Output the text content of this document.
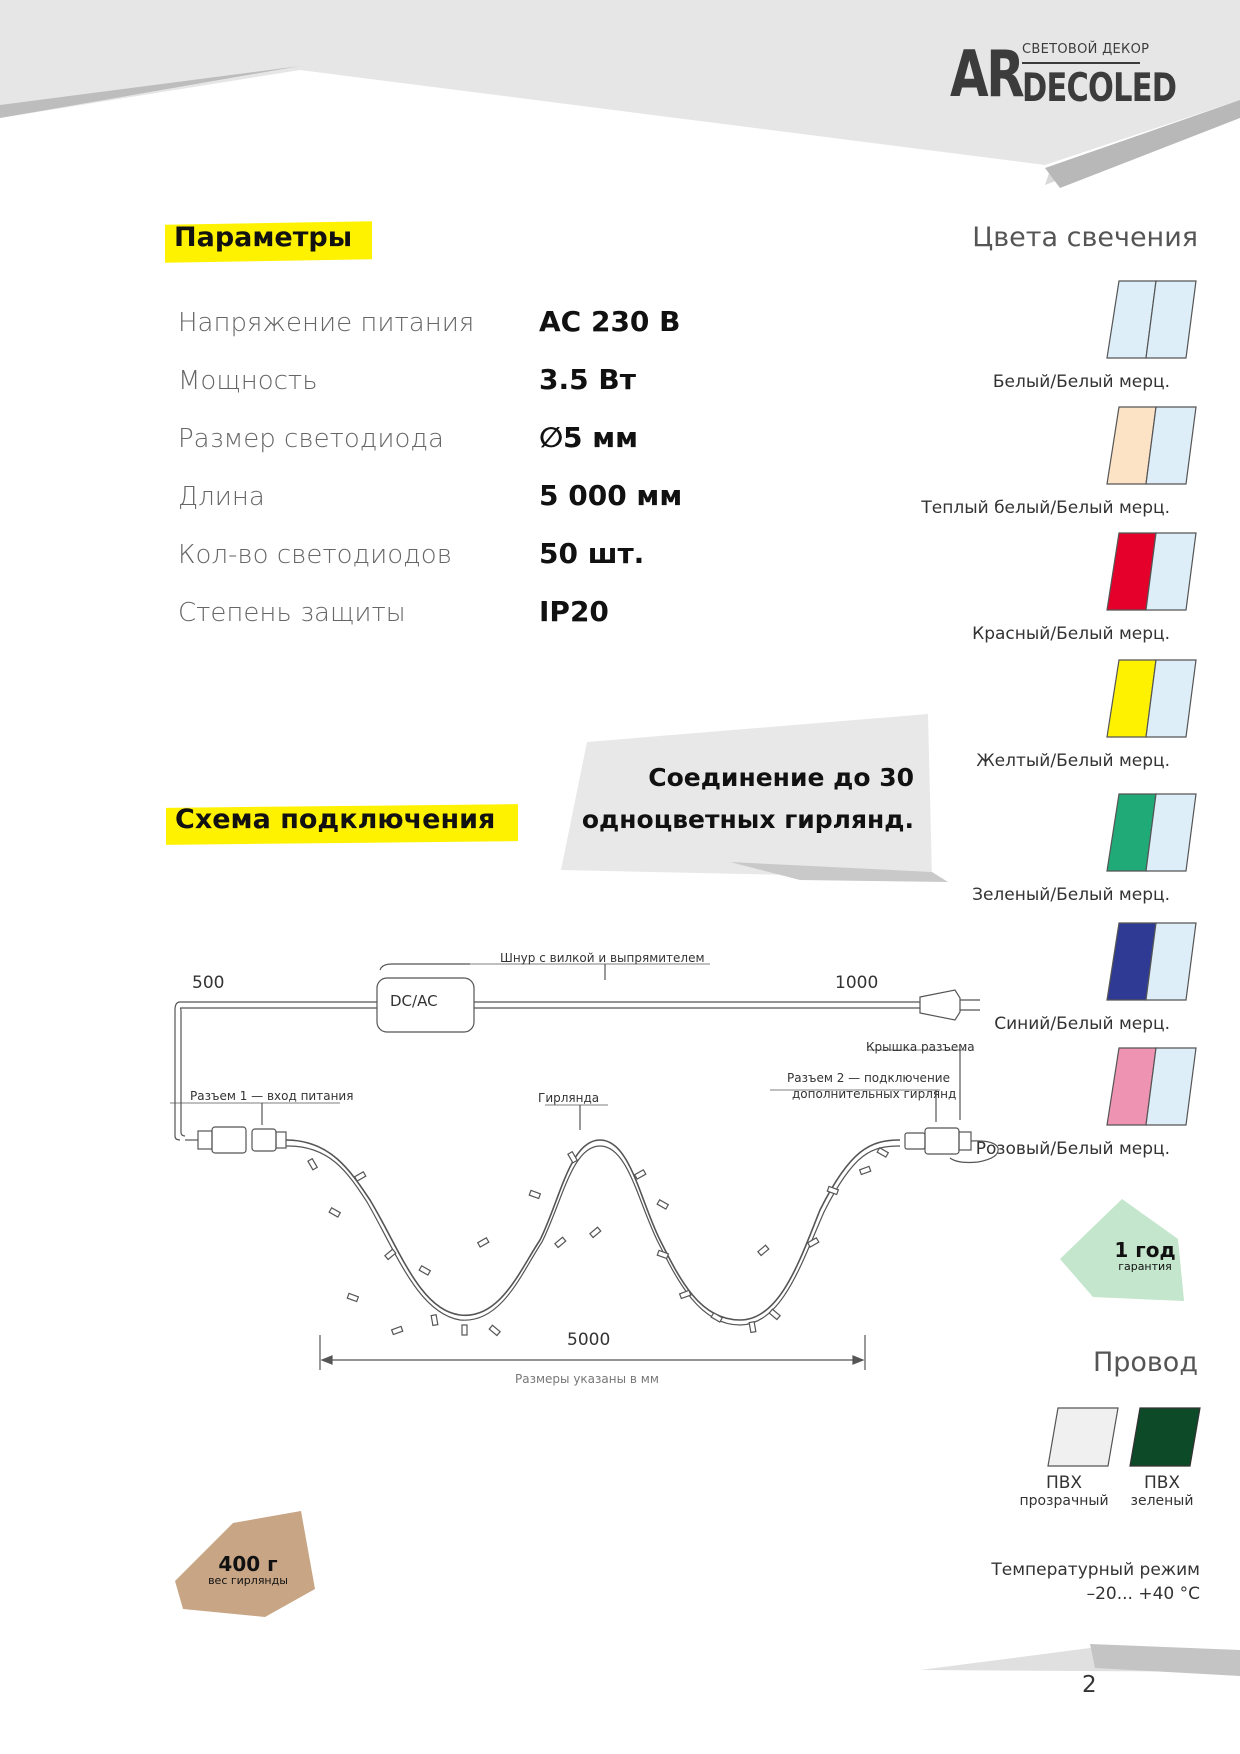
AR СВЕТОВОЙ ДЕКОР
DECOLED
Параметры
Напряжение питания AC 230 В
Мощность	3.5 Вт
Размер светодиода	∅5 мм
Длина	5 000 мм
Кол-во светодиодов	50 шт.
Степень защиты	IP20
Цвета свечения
Белый/Белый мерц.
Теплый белый/Белый мерц.
Красный/Белый мерц.
Желтый/Белый мерц.
Зеленый/Белый мерц.
Синий/Белый мерц.
Розовый/Белый мерц.
Схема подключения
Соединение до 30
одноцветных гирлянд.
500
Шнур с вилкой и выпрямителем
1000
DC/AC
Разъем 1 — вход питания	Гирлянда
Разъем 2 — подключение
дополнительных гирлянд
Крышка разъема
5000
Размеры указаны в мм
1 год
гарантия
Провод
ПВХ
прозрачный
ПВХ
зеленый
Температурный режим
–20... +40 °С
400 г
вес гирлянды
2
